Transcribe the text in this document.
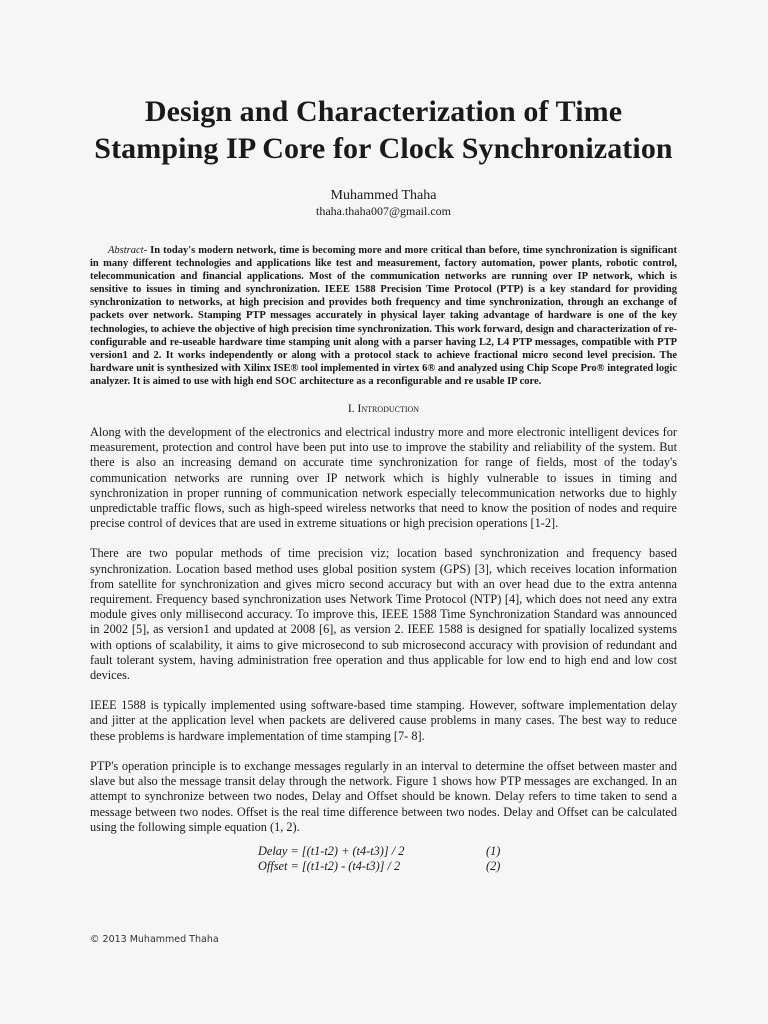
Design and Characterization of Time Stamping IP Core for Clock Synchronization
Muhammed Thaha
thaha.thaha007@gmail.com
Abstract- In today's modern network, time is becoming more and more critical than before, time synchronization is significant in many different technologies and applications like test and measurement, factory automation, power plants, robotic control, telecommunication and financial applications. Most of the communication networks are running over IP network, which is sensitive to issues in timing and synchronization. IEEE 1588 Precision Time Protocol (PTP) is a key standard for providing synchronization to networks, at high precision and provides both frequency and time synchronization, through an exchange of packets over network. Stamping PTP messages accurately in physical layer taking advantage of hardware is one of the key technologies, to achieve the objective of high precision time synchronization. This work forward, design and characterization of re-configurable and re-useable hardware time stamping unit along with a parser having L2, L4 PTP messages, compatible with PTP version1 and 2. It works independently or along with a protocol stack to achieve fractional micro second level precision. The hardware unit is synthesized with Xilinx ISE® tool implemented in virtex 6® and analyzed using Chip Scope Pro® integrated logic analyzer. It is aimed to use with high end SOC architecture as a reconfigurable and re usable IP core.
I. Introduction

Along with the development of the electronics and electrical industry more and more electronic intelligent devices for measurement, protection and control have been put into use to improve the stability and reliability of the system. But there is also an increasing demand on accurate time synchronization for range of fields, most of the today's communication networks are running over IP network which is highly vulnerable to issues in timing and synchronization in proper running of communication network especially telecommunication networks due to highly unpredictable traffic flows, such as high-speed wireless networks that need to know the position of nodes and require precise control of devices that are used in extreme situations or high precision operations [1-2].

There are two popular methods of time precision viz; location based synchronization and frequency based synchronization. Location based method uses global position system (GPS) [3], which receives location information from satellite for synchronization and gives micro second accuracy but with an over head due to the extra antenna requirement. Frequency based synchronization uses Network Time Protocol (NTP) [4], which does not need any extra module gives only millisecond accuracy. To improve this, IEEE 1588 Time Synchronization Standard was announced in 2002 [5], as version1 and updated at 2008 [6], as version 2. IEEE 1588 is designed for spatially localized systems with options of scalability, it aims to give microsecond to sub microsecond accuracy with provision of redundant and fault tolerant system, having administration free operation and thus applicable for low end to high end and low cost devices.

IEEE 1588 is typically implemented using software-based time stamping. However, software implementation delay and jitter at the application level when packets are delivered cause problems in many cases. The best way to reduce these problems is hardware implementation of time stamping [7- 8].

PTP's operation principle is to exchange messages regularly in an interval to determine the offset between master and slave but also the message transit delay through the network. Figure 1 shows how PTP messages are exchanged. In an attempt to synchronize between two nodes, Delay and Offset should be known. Delay refers to time taken to send a message between two nodes. Offset is the real time difference between two nodes. Delay and Offset can be calculated using the following simple equation (1, 2).

Delay = [(t1-t2) + (t4-t3)] / 2	(1)
Offset = [(t1-t2) - (t4-t3)] / 2	(2)
© 2013 Muhammed Thaha
